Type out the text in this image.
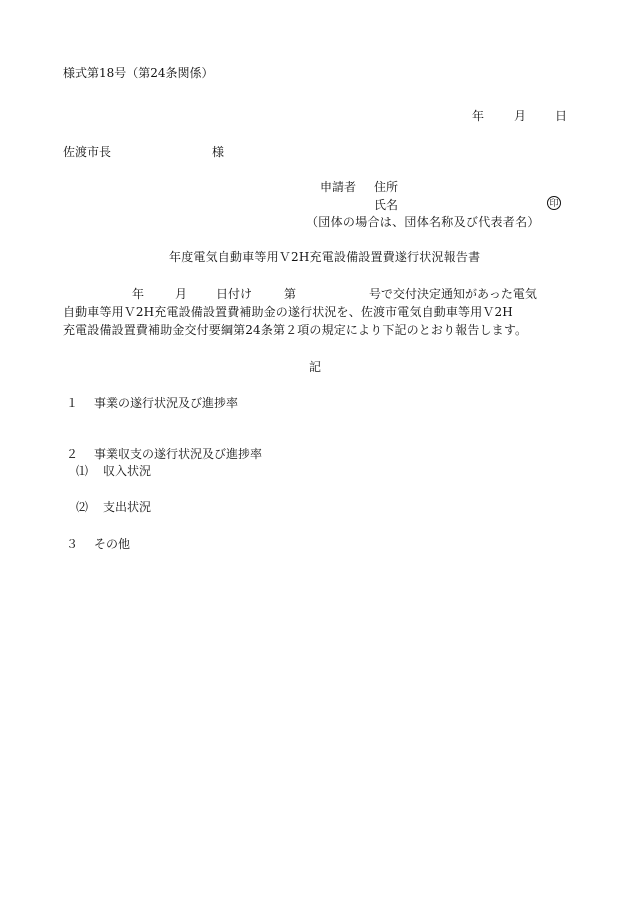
様式第18号（第24条関係）
年 月 日
佐渡市長	様
申請者 住所
氏名	印
（団体の場合は、団体名称及び代表者名）
年度電気自動車等用Ｖ2H充電設備設置費遂行状況報告書
年	月 日付け	第	号で交付決定通知があった電気
自動車等用Ｖ2H充電設備設置費補助金の遂行状況を、佐渡市電気自動車等用Ｖ2H
充電設備設置費補助金交付要綱第24条第２項の規定により下記のとおり報告します。
記
１ 事業の遂行状況及び進捗率
２ 事業収支の遂行状況及び進捗率
⑴ 収入状況
⑵ 支出状況
３ その他
